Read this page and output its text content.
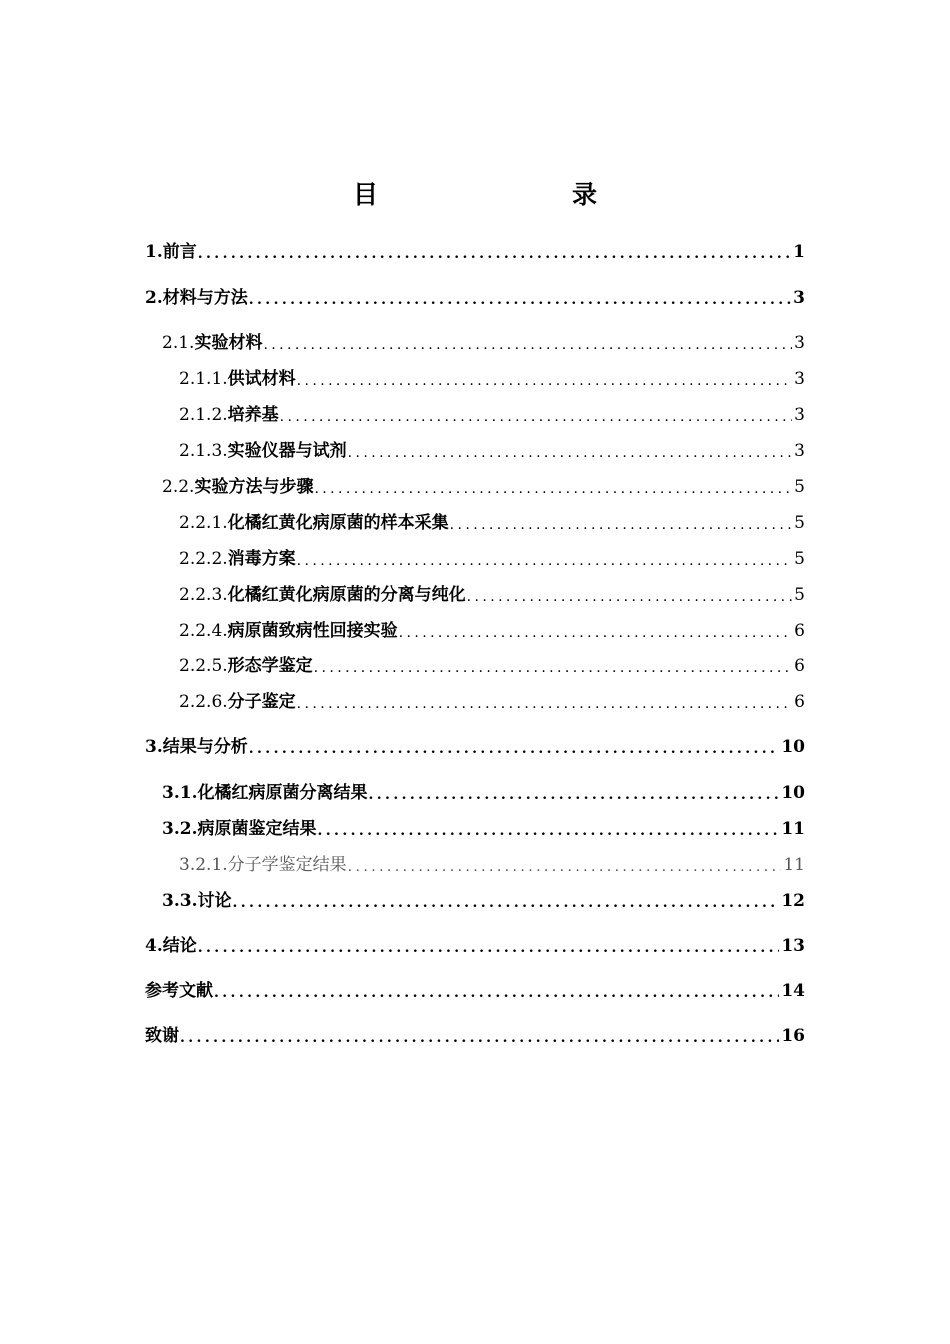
目　　录
1. 前言 .....	1
2. 材料与方法 .....	3
2.1. 实验材料 .....	3
2.1.1. 供试材料 .....	3
2.1.2. 培养基 .....	3
2.1.3. 实验仪器与试剂 .....	3
2.2. 实验方法与步骤 .....	5
2.2.1. 化橘红黄化病原菌的样本采集 .....	5
2.2.2. 消毒方案 .....	5
2.2.3. 化橘红黄化病原菌的分离与纯化 .....	5
2.2.4. 病原菌致病性回接实验 .....	6
2.2.5. 形态学鉴定 .....	6
2.2.6. 分子鉴定 .....	6
3. 结果与分析 .....	10
3.1. 化橘红病原菌分离结果 .....	10
3.2. 病原菌鉴定结果 .....	11
3.2.1. 分子学鉴定结果 .....	11
3.3. 讨论 .....	12
4. 结论 .....	13
参考文献 .....	14
致谢 .....	16
